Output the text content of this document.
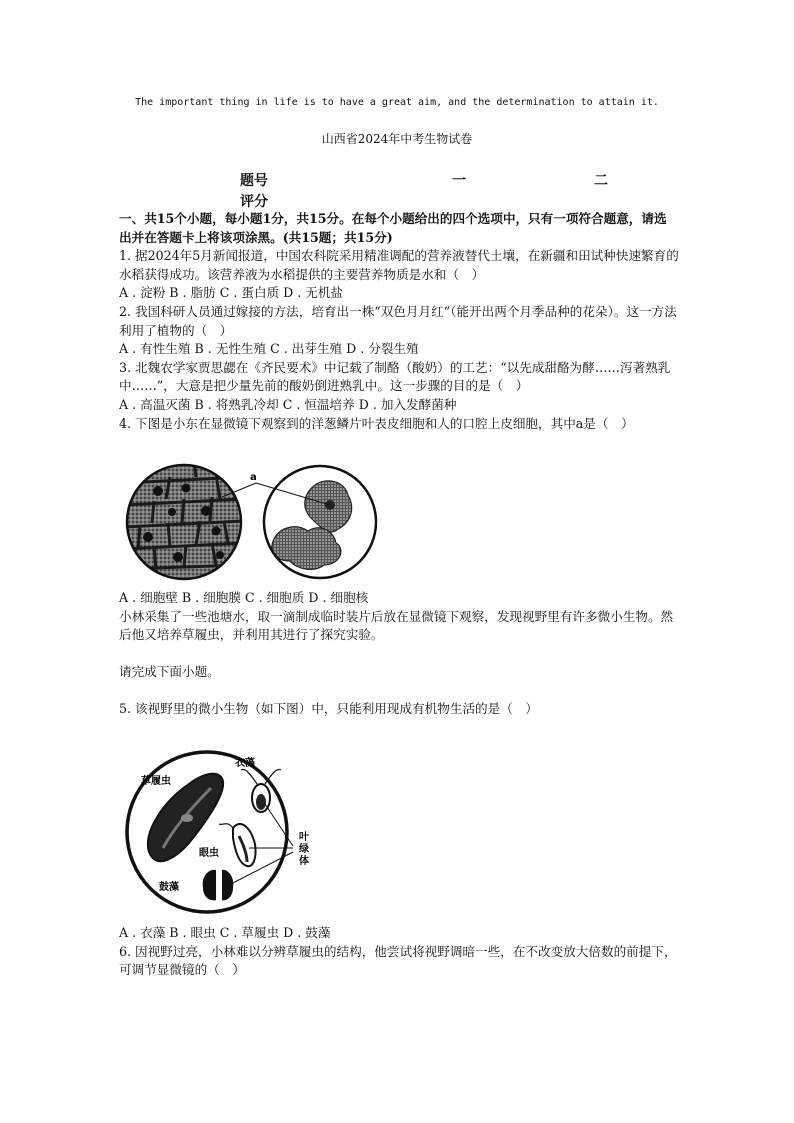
The important thing in life is to have a great aim, and the determination to attain it.
山西省2024年中考生物试卷
题号	一	二
评分

一、共15个小题，每小题1分，共15分。在每个小题给出的四个选项中，只有一项符合题意，请选出并在答题卡上将该项涂黑。(共15题；共15分)

1. 据2024年5月新闻报道，中国农科院采用精准调配的营养液替代土壤，在新疆和田试种快速繁育的水稻获得成功。该营养液为水稻提供的主要营养物质是水和（　）

A . 淀粉 B . 脂肪 C . 蛋白质 D . 无机盐

2. 我国科研人员通过嫁接的方法，培育出一株“双色月月红”（能开出两个月季品种的花朵）。这一方法利用了植物的（　）

A . 有性生殖 B . 无性生殖 C . 出芽生殖 D . 分裂生殖

3. 北魏农学家贾思勰在《齐民要术》中记载了制酪（酸奶）的工艺：“以先成甜酪为酵……泻著熟乳中……”，大意是把少量先前的酸奶倒进熟乳中。这一步骤的目的是（　）

A . 高温灭菌 B . 将熟乳冷却 C . 恒温培养 D . 加入发酵菌种

4. 下图是小东在显微镜下观察到的洋葱鳞片叶表皮细胞和人的口腔上皮细胞，其中a是（　）

a

A . 细胞壁 B . 细胞膜 C . 细胞质 D . 细胞核

小林采集了一些池塘水，取一滴制成临时装片后放在显微镜下观察，发现视野里有许多微小生物。然后他又培养草履虫，并利用其进行了探究实验。

请完成下面小题。

5. 该视野里的微小生物（如下图）中，只能利用现成有机物生活的是（　）

草履虫
衣藻
眼虫
鼓藻
叶 绿体

A . 衣藻 B . 眼虫 C . 草履虫 D . 鼓藻

6. 因视野过亮，小林难以分辨草履虫的结构，他尝试将视野调暗一些，在不改变放大倍数的前提下，可调节显微镜的（　）
